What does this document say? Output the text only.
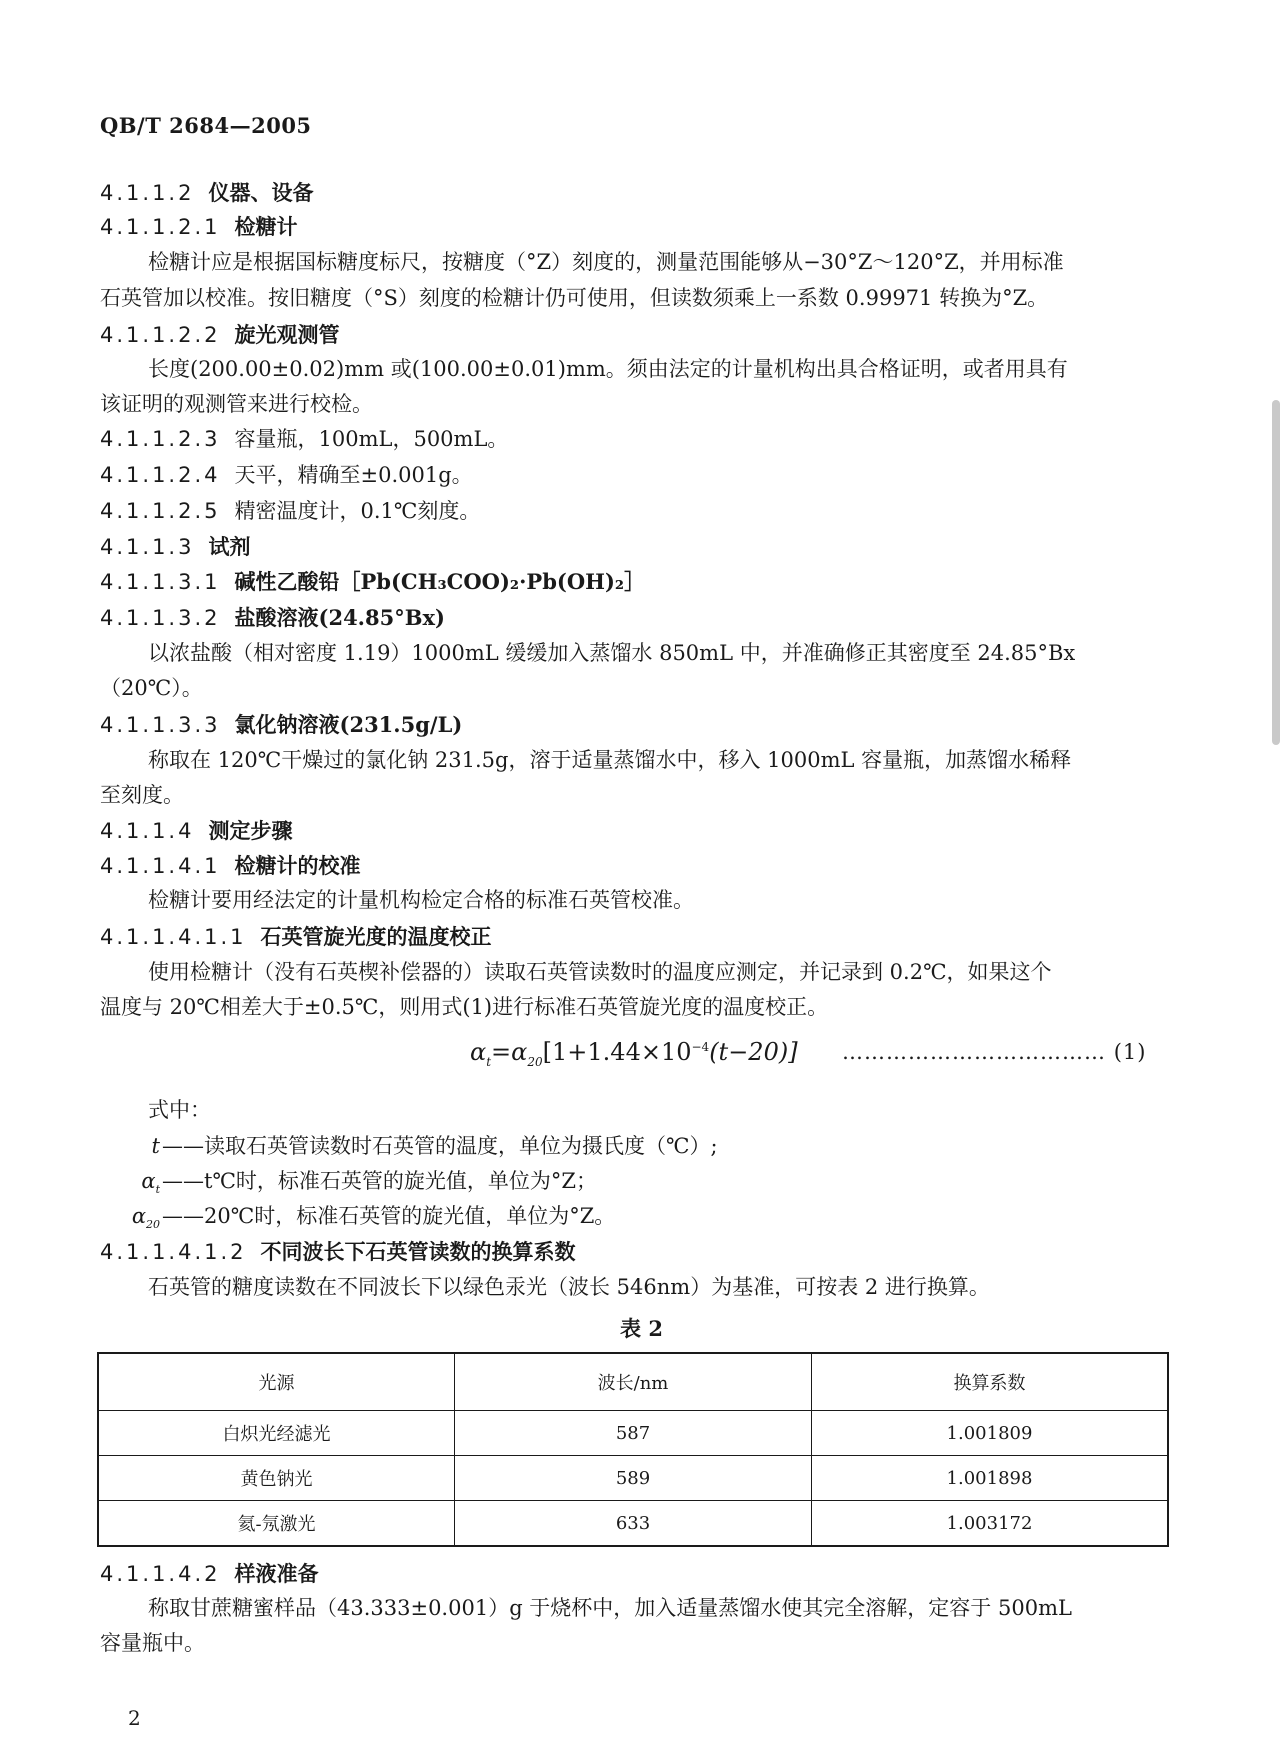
QB/T 2684—2005
4.1.1.2 仪器、设备
4.1.1.2.1 检糖计
检糖计应是根据国标糖度标尺，按糖度（°Z）刻度的，测量范围能够从−30°Z～120°Z，并用标准
石英管加以校准。按旧糖度（°S）刻度的检糖计仍可使用，但读数须乘上一系数 0.99971 转换为°Z。
4.1.1.2.2 旋光观测管
长度(200.00±0.02)mm 或(100.00±0.01)mm。须由法定的计量机构出具合格证明，或者用具有
该证明的观测管来进行校检。
4.1.1.2.3 容量瓶，100mL，500mL。
4.1.1.2.4 天平，精确至±0.001g。
4.1.1.2.5 精密温度计，0.1℃刻度。
4.1.1.3 试剂
4.1.1.3.1 碱性乙酸铅［Pb(CH₃COO)₂·Pb(OH)₂］
4.1.1.3.2 盐酸溶液(24.85°Bx)
以浓盐酸（相对密度 1.19）1000mL 缓缓加入蒸馏水 850mL 中，并准确修正其密度至 24.85°Bx
（20℃）。
4.1.1.3.3 氯化钠溶液(231.5g/L)
称取在 120℃干燥过的氯化钠 231.5g，溶于适量蒸馏水中，移入 1000mL 容量瓶，加蒸馏水稀释
至刻度。
4.1.1.4 测定步骤
4.1.1.4.1 检糖计的校准
检糖计要用经法定的计量机构检定合格的标准石英管校准。
4.1.1.4.1.1 石英管旋光度的温度校正
使用检糖计（没有石英楔补偿器的）读取石英管读数时的温度应测定，并记录到 0.2℃，如果这个
温度与 20℃相差大于±0.5℃，则用式(1)进行标准石英管旋光度的温度校正。
$\alpha_t=\alpha_{20}[1+1.44\times 10^{-4}(t-20)]$ ……………………………… (1)
式中：
t——读取石英管读数时石英管的温度，单位为摄氏度（℃）;
$\alpha_t——t℃$时，标准石英管的旋光值，单位为°Z；
$\alpha_{20}——20℃$时，标准石英管的旋光值，单位为°Z。
4.1.1.4.1.2 不同波长下石英管读数的换算系数
石英管的糖度读数在不同波长下以绿色汞光（波长 546nm）为基准，可按表 2 进行换算。
表 2
光源	波长/nm	换算系数
白炽光经滤光	587	1.001809
黄色钠光	589	1.001898
氦-氖激光	633	1.003172
4.1.1.4.2 样液准备
称取甘蔗糖蜜样品（43.333±0.001）g 于烧杯中，加入适量蒸馏水使其完全溶解，定容于 500mL
容量瓶中。
2
